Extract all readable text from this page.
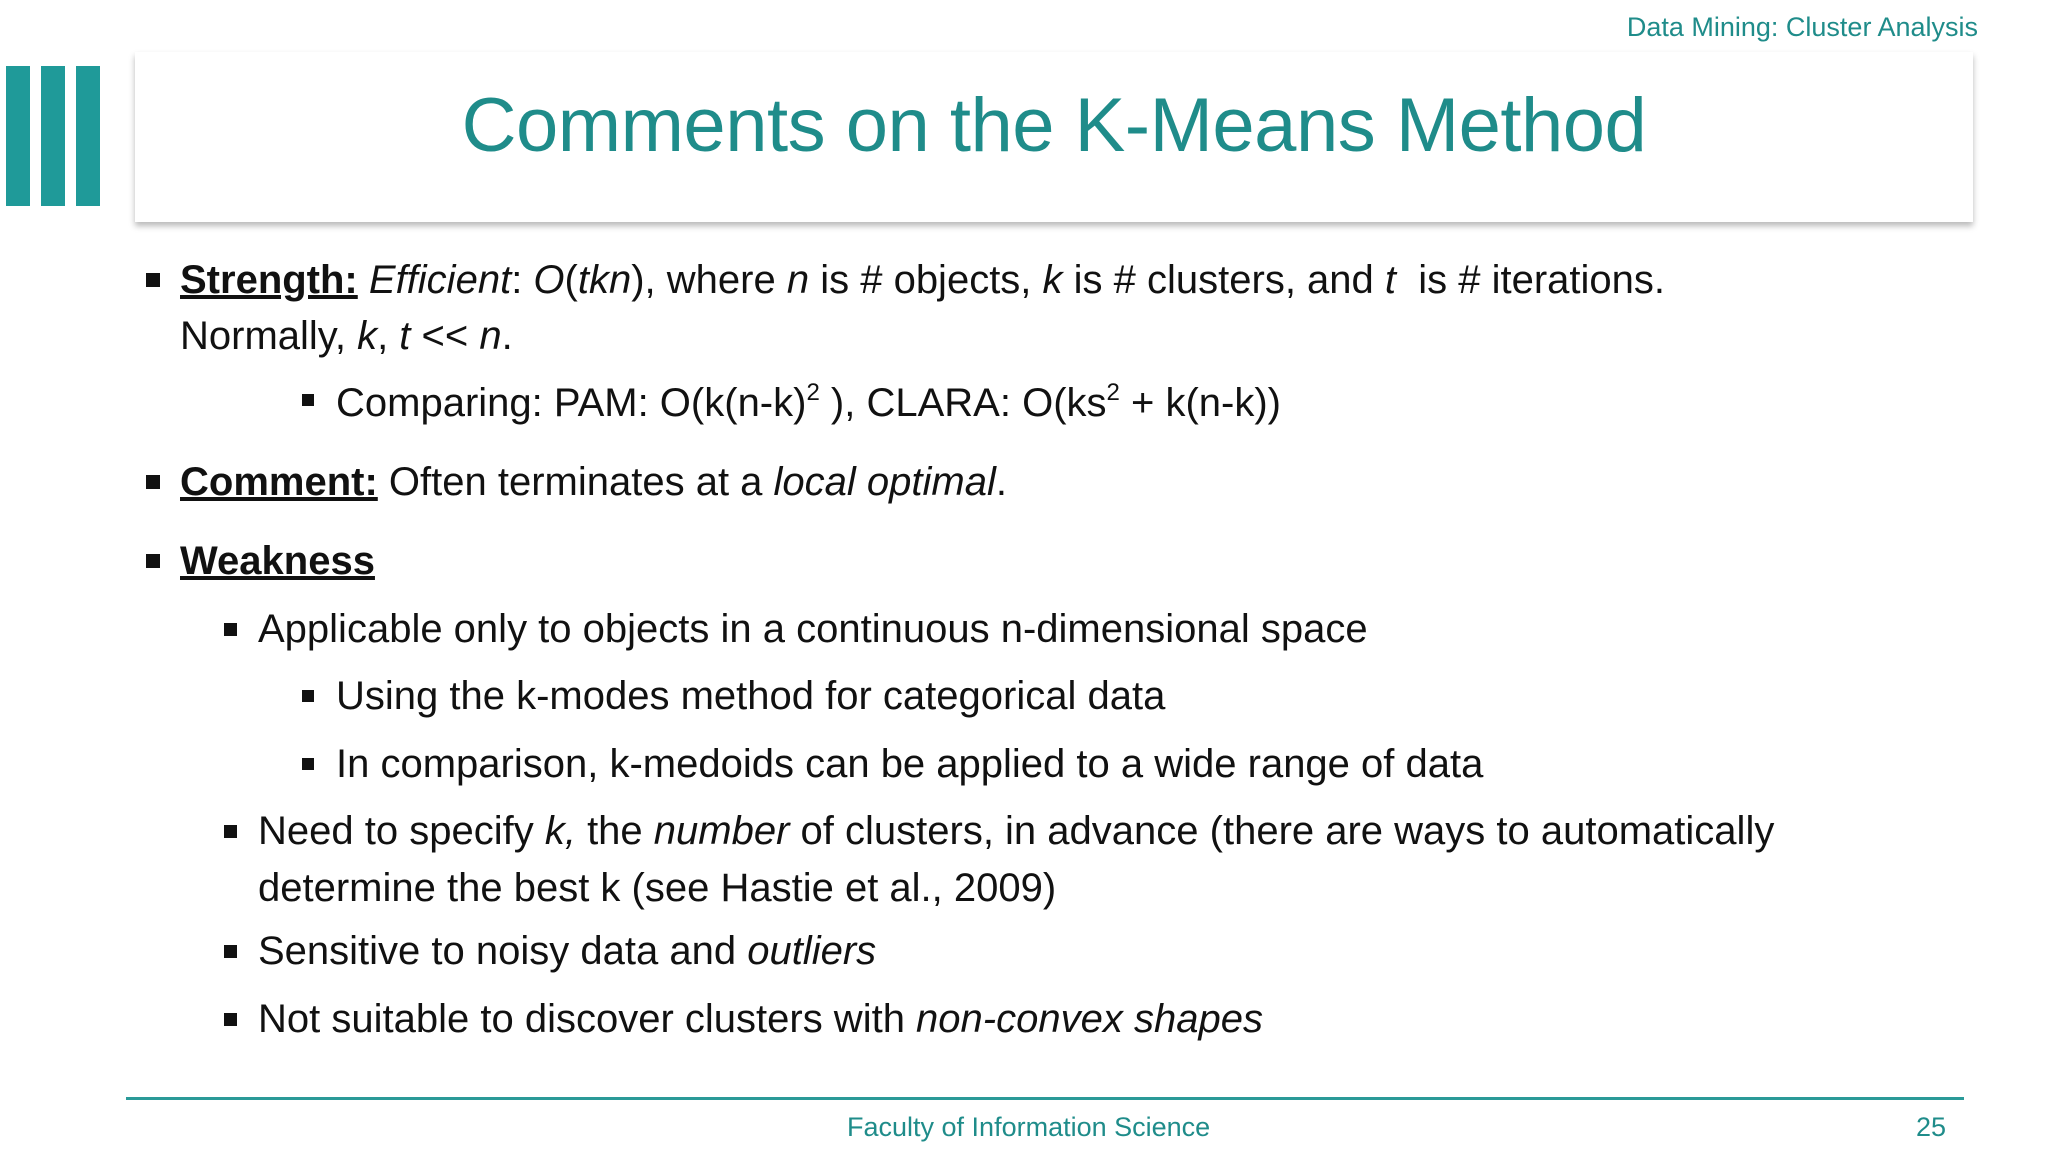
Data Mining: Cluster Analysis
Comments on the K-Means Method
Strength: Efficient: O(tkn), where n is # objects, k is # clusters, and t  is # iterations.
Normally, k, t << n.
Comparing: PAM: $O(k(n-k)^2$ ), CLARA: $O(ks^2 + k(n-k))$
Comment: Often terminates at a local optimal.
Weakness
Applicable only to objects in a continuous n-dimensional space
Using the k-modes method for categorical data
In comparison, k-medoids can be applied to a wide range of data
Need to specify k, the number of clusters, in advance (there are ways to automatically
determine the best k (see Hastie et al., 2009)
Sensitive to noisy data and outliers
Not suitable to discover clusters with non-convex shapes
Faculty of Information Science	25
